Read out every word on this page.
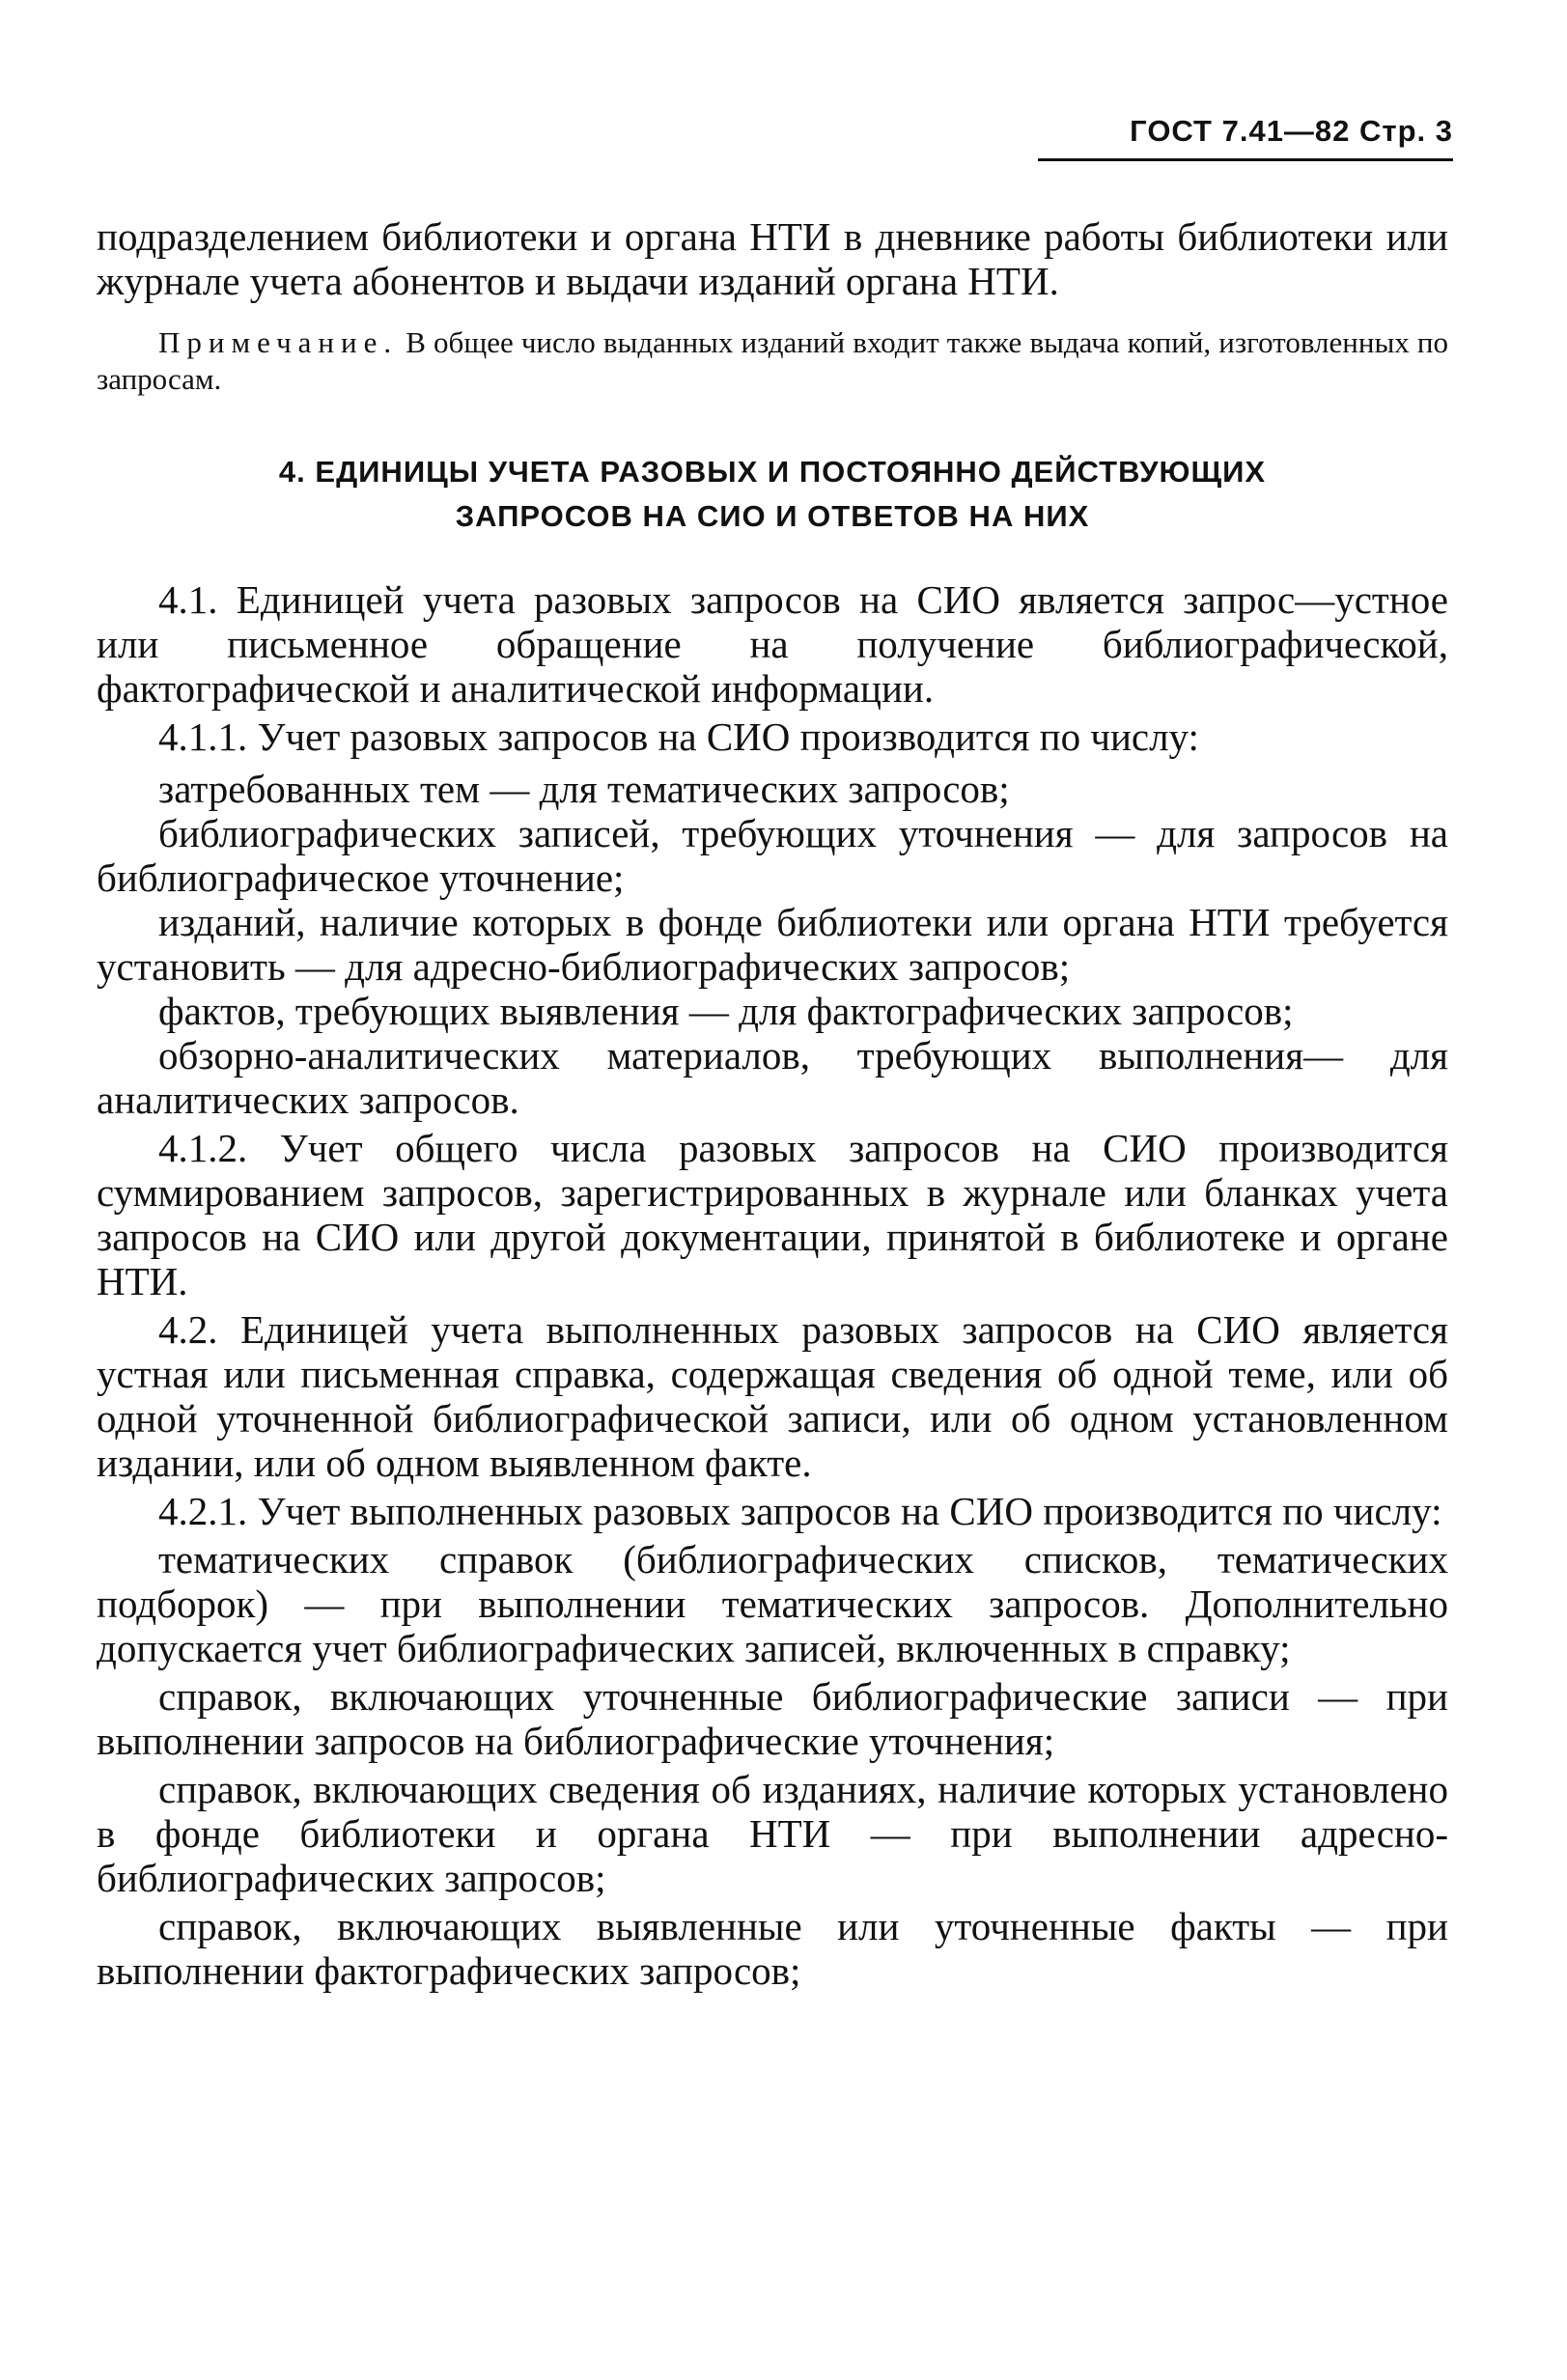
ГОСТ 7.41—82 Стр. 3

подразделением библиотеки и органа НТИ в дневнике работы библиотеки или журнале учета абонентов и выдачи изданий органа НТИ.

Примечание. В общее число выданных изданий входит также выдача копий, изготовленных по запросам.

4. ЕДИНИЦЫ УЧЕТА РАЗОВЫХ И ПОСТОЯННО ДЕЙСТВУЮЩИХ
ЗАПРОСОВ НА СИО И ОТВЕТОВ НА НИХ

4.1. Единицей учета разовых запросов на СИО является запрос—устное или письменное обращение на получение библиографической, фактографической и аналитической информации.

4.1.1. Учет разовых запросов на СИО производится по числу:

затребованных тем — для тематических запросов;

библиографических записей, требующих уточнения — для запросов на библиографическое уточнение;

изданий, наличие которых в фонде библиотеки или органа НТИ требуется установить — для адресно-библиографических запросов;

фактов, требующих выявления — для фактографических запросов;

обзорно-аналитических материалов, требующих выполнения— для аналитических запросов.

4.1.2. Учет общего числа разовых запросов на СИО производится суммированием запросов, зарегистрированных в журнале или бланках учета запросов на СИО или другой документации, принятой в библиотеке и органе НТИ.

4.2. Единицей учета выполненных разовых запросов на СИО является устная или письменная справка, содержащая сведения об одной теме, или об одной уточненной библиографической записи, или об одном установленном издании, или об одном выявленном факте.

4.2.1. Учет выполненных разовых запросов на СИО производится по числу:

тематических справок (библиографических списков, тематических подборок) — при выполнении тематических запросов. Дополнительно допускается учет библиографических записей, включенных в справку;

справок, включающих уточненные библиографические записи — при выполнении запросов на библиографические уточнения;

справок, включающих сведения об изданиях, наличие которых установлено в фонде библиотеки и органа НТИ — при выполнении адресно-библиографических запросов;

справок, включающих выявленные или уточненные факты — при выполнении фактографических запросов;
